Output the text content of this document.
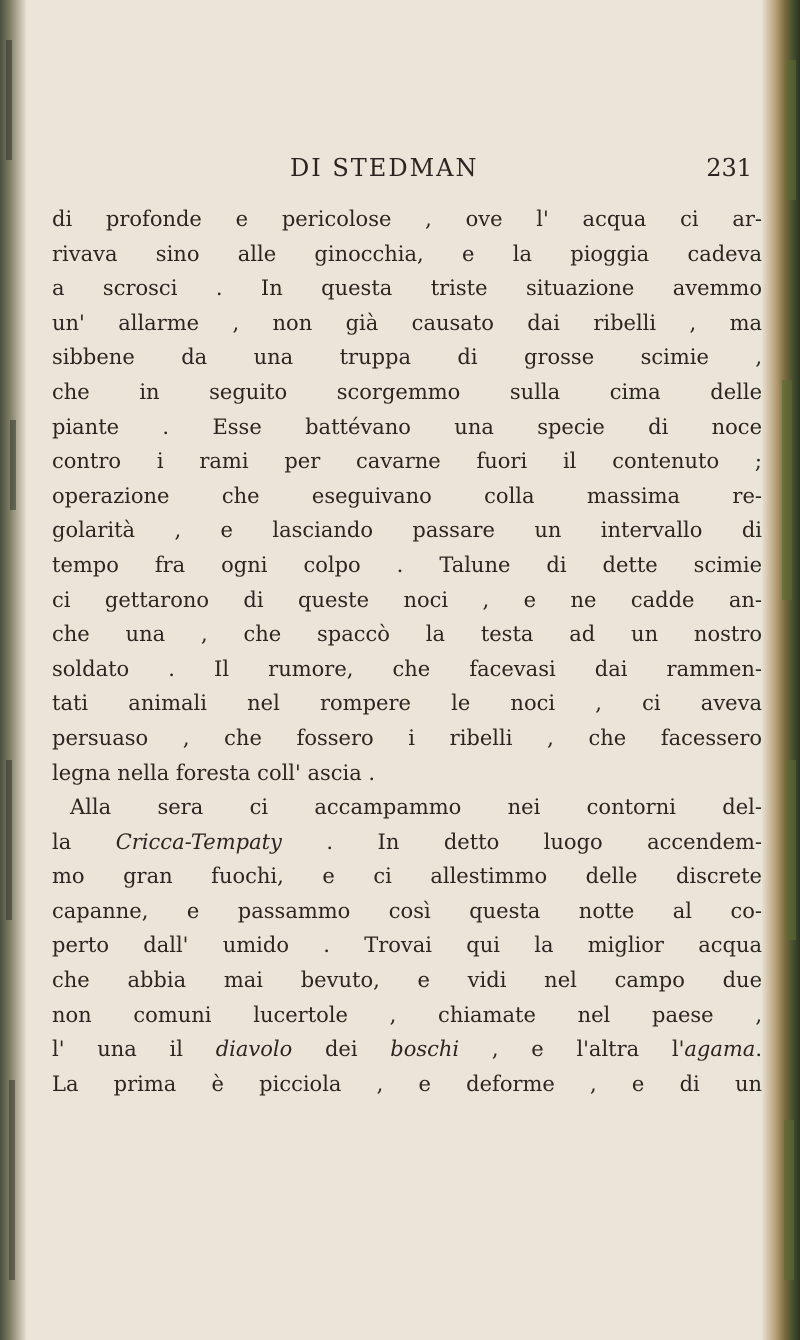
DI STEDMAN	231
di profonde e pericolose , ove l' acqua ci ar-
rivava sino alle ginocchia, e la pioggia cadeva
a scrosci . In questa triste situazione avemmo
un' allarme , non già causato dai ribelli , ma
sibbene da una truppa di grosse scimie ,
che in seguito scorgemmo sulla cima delle
piante . Esse battévano una specie di noce
contro i rami per cavarne fuori il contenuto ;
operazione che eseguivano colla massima re-
golarità , e lasciando passare un intervallo di
tempo fra ogni colpo . Talune di dette scimie
ci gettarono di queste noci , e ne cadde an-
che una , che spaccò la testa ad un nostro
soldato . Il rumore, che facevasi dai rammen-
tati animali nel rompere le noci , ci aveva
persuaso , che fossero i ribelli , che facessero
legna nella foresta coll' ascia .
Alla sera ci accampammo nei contorni del-
la Cricca-Tempaty . In detto luogo accendem-
mo gran fuochi, e ci allestimmo delle discrete
capanne, e passammo così questa notte al co-
perto dall' umido . Trovai qui la miglior acqua
che abbia mai bevuto, e vidi nel campo due
non comuni lucertole , chiamate nel paese ,
l' una il diavolo dei boschi , e l'altra l'agama.
La prima è picciola , e deforme , e di un
